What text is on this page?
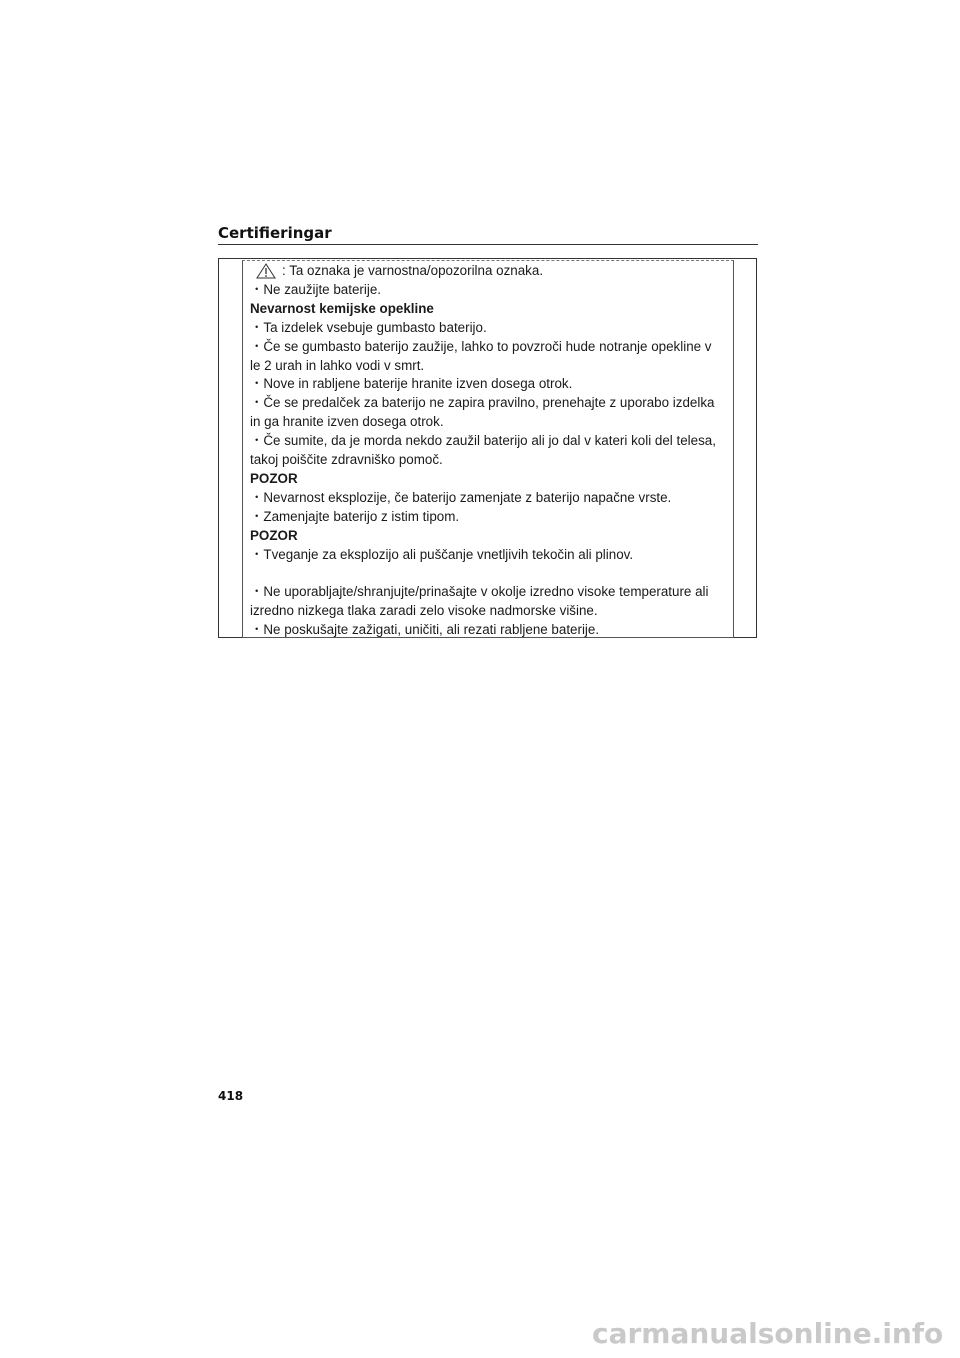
Certifieringar
: Ta oznaka je varnostna/opozorilna oznaka.
・Ne zaužijte baterije.
Nevarnost kemijske opekline
・Ta izdelek vsebuje gumbasto baterijo.
・Če se gumbasto baterijo zaužije, lahko to povzroči hude notranje opekline v
le 2 urah in lahko vodi v smrt.
・Nove in rabljene baterije hranite izven dosega otrok.
・Če se predalček za baterijo ne zapira pravilno, prenehajte z uporabo izdelka
in ga hranite izven dosega otrok.
・Če sumite, da je morda nekdo zaužil baterijo ali jo dal v kateri koli del telesa,
takoj poiščite zdravniško pomoč.
POZOR
・Nevarnost eksplozije, če baterijo zamenjate z baterijo napačne vrste.
・Zamenjajte baterijo z istim tipom.
POZOR
・Tveganje za eksplozijo ali puščanje vnetljivih tekočin ali plinov.
・Ne uporabljajte/shranjujte/prinašajte v okolje izredno visoke temperature ali
izredno nizkega tlaka zaradi zelo visoke nadmorske višine.
・Ne poskušajte zažigati, uničiti, ali rezati rabljene baterije.
418
carmanualsonline.info
